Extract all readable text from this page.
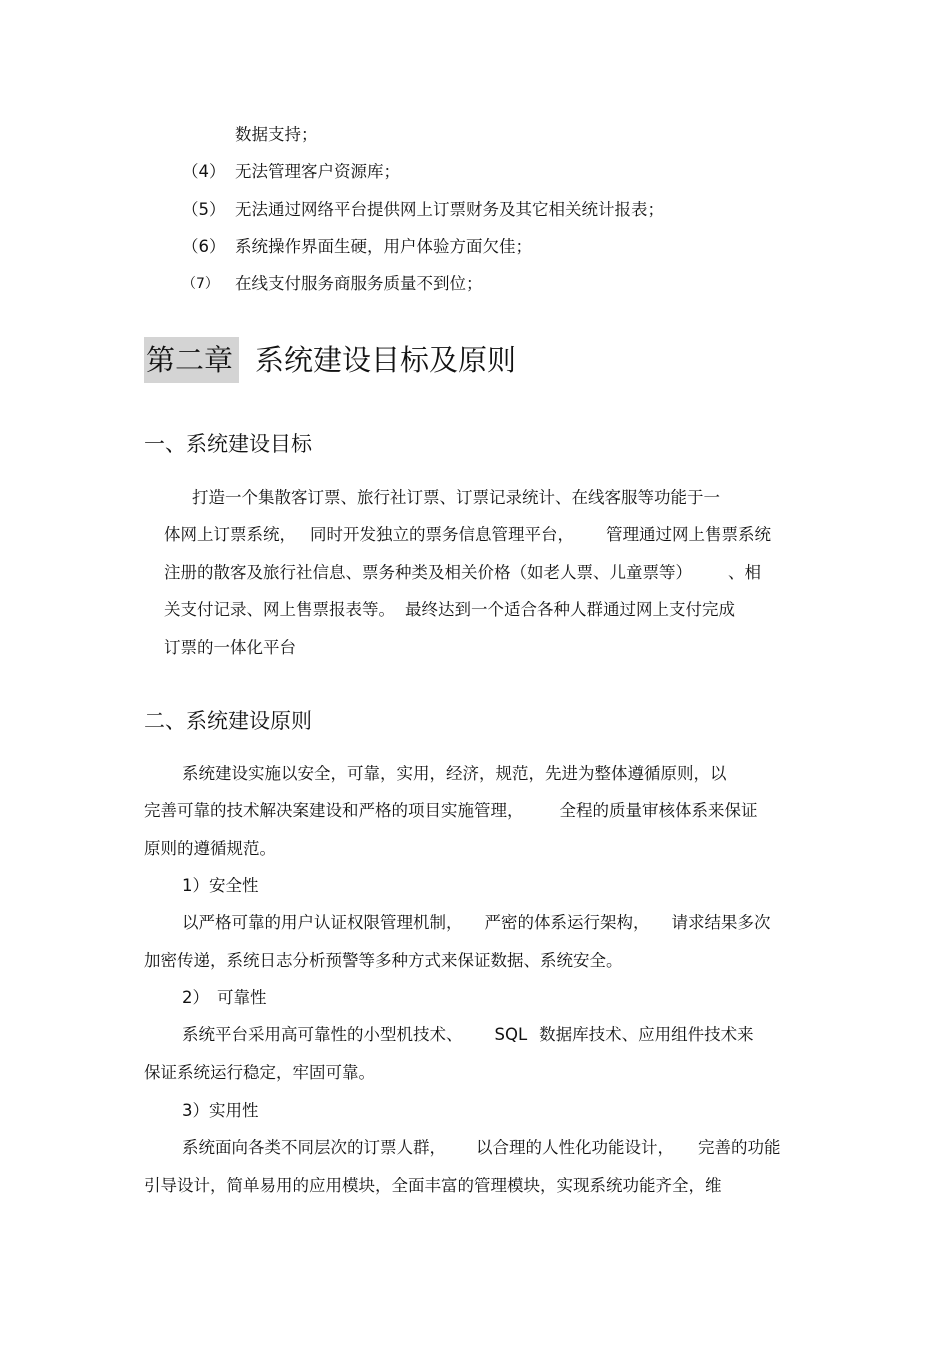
数据支持；
（4） 无法管理客户资源库；
（5） 无法通过网络平台提供网上订票财务及其它相关统计报表；
（6） 系统操作界面生硬，用户体验方面欠佳；
（7） 在线支付服务商服务质量不到位；
第二章 系统建设目标及原则
一、系统建设目标
打造一个集散客订票、旅行社订票、订票记录统计、在线客服等功能于一
体网上订票系统， 同时开发独立的票务信息管理平台， 管理通过网上售票系统
注册的散客及旅行社信息、票务种类及相关价格（如老人票、儿童票等） 、相
关支付记录、网上售票报表等。 最终达到一个适合各种人群通过网上支付完成
订票的一体化平台
二、系统建设原则
系统建设实施以安全，可靠，实用，经济，规范，先进为整体遵循原则，以
完善可靠的技术解决案建设和严格的项目实施管理， 全程的质量审核体系来保证
原则的遵循规范。
1）安全性
以严格可靠的用户认证权限管理机制， 严密的体系运行架构， 请求结果多次
加密传递，系统日志分析预警等多种方式来保证数据、系统安全。
2） 可靠性
系统平台采用高可靠性的小型机技术、 SQL 数据库技术、应用组件技术来
保证系统运行稳定，牢固可靠。
3）实用性
系统面向各类不同层次的订票人群， 以合理的人性化功能设计， 完善的功能
引导设计，简单易用的应用模块，全面丰富的管理模块，实现系统功能齐全，维
